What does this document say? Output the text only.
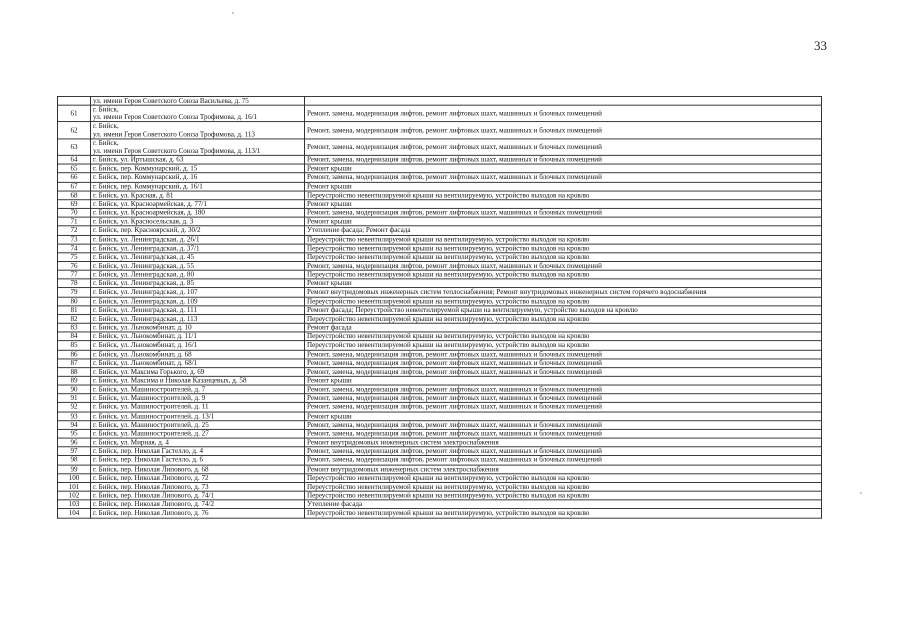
33

	ул. имени Героя Советского Союза Васильева, д. 75	

61	г. Бийск,
ул. имени Героя Советского Союза Трофимова, д. 16/1	Ремонт, замена, модернизация лифтов, ремонт лифтовых шахт, машинных и блочных помещений
62	г. Бийск,
ул. имени Героя Советского Союза Трофимова, д. 113	Ремонт, замена, модернизация лифтов, ремонт лифтовых шахт, машинных и блочных помещений
63	г. Бийск,
ул. имени Героя Советского Союза Трофимова, д. 113/1	Ремонт, замена, модернизация лифтов, ремонт лифтовых шахт, машинных и блочных помещений
64	г. Бийск, ул. Иртышская, д. 63	Ремонт, замена, модернизация лифтов, ремонт лифтовых шахт, машинных и блочных помещений
65	г. Бийск, пер. Коммунарский, д. 15	Ремонт крыши
66	г. Бийск, пер. Коммунарский, д. 16	Ремонт, замена, модернизация лифтов, ремонт лифтовых шахт, машинных и блочных помещений
67	г. Бийск, пер. Коммунарский, д. 16/1	Ремонт крыши
68	г. Бийск, ул. Красная, д. 81	Переустройство невентилируемой крыши на вентилируемую, устройство выходов на кровлю
69	г. Бийск, ул. Красноармейская, д. 77/1	Ремонт крыши
70	г. Бийск, ул. Красноармейская, д. 180	Ремонт, замена, модернизация лифтов, ремонт лифтовых шахт, машинных и блочных помещений
71	г. Бийск, ул. Красносельская, д. 3	Ремонт крыши
72	г. Бийск, пер. Красноярский, д. 30/2	Утепление фасада; Ремонт фасада
73	г. Бийск, ул. Ленинградская, д. 26/1	Переустройство невентилируемой крыши на вентилируемую, устройство выходов на кровлю
74	г. Бийск, ул. Ленинградская, д. 37/1	Переустройство невентилируемой крыши на вентилируемую, устройство выходов на кровлю
75	г. Бийск, ул. Ленинградская, д. 45	Переустройство невентилируемой крыши на вентилируемую, устройство выходов на кровлю
76	г. Бийск, ул. Ленинградская, д. 55	Ремонт, замена, модернизация лифтов, ремонт лифтовых шахт, машинных и блочных помещений
77	г. Бийск, ул. Ленинградская, д. 80	Переустройство невентилируемой крыши на вентилируемую, устройство выходов на кровлю
78	г. Бийск, ул. Ленинградская, д. 85	Ремонт крыши
79	г. Бийск, ул. Ленинградская, д. 107	Ремонт внутридомовых инженерных систем теплоснабжения; Ремонт внутридомовых инженерных систем горячего водоснабжения
80	г. Бийск, ул. Ленинградская, д. 109	Переустройство невентилируемой крыши на вентилируемую, устройство выходов на кровлю
81	г. Бийск, ул. Ленинградская, д. 111	Ремонт фасада; Переустройство невентилируемой крыши на вентилируемую, устройство выходов на кровлю
82	г. Бийск, ул. Ленинградская, д. 113	Переустройство невентилируемой крыши на вентилируемую, устройство выходов на кровлю
83	г. Бийск, ул. Льнокомбинат, д. 10	Ремонт фасада
84	г. Бийск, ул. Льнокомбинат, д. 11/1	Переустройство невентилируемой крыши на вентилируемую, устройство выходов на кровлю
85	г. Бийск, ул. Льнокомбинат, д. 16/1	Переустройство невентилируемой крыши на вентилируемую, устройство выходов на кровлю
86	г. Бийск, ул. Льнокомбинат, д. 68	Ремонт, замена, модернизация лифтов, ремонт лифтовых шахт, машинных и блочных помещений
87	г. Бийск, ул. Льнокомбинат, д. 68/1	Ремонт, замена, модернизация лифтов, ремонт лифтовых шахт, машинных и блочных помещений
88	г. Бийск, ул. Максима Горького, д. 69	Ремонт, замена, модернизация лифтов, ремонт лифтовых шахт, машинных и блочных помещений
89	г. Бийск, ул. Максима и Николая Казанцевых, д. 58	Ремонт крыши
90	г. Бийск, ул. Машиностроителей, д. 7	Ремонт, замена, модернизация лифтов, ремонт лифтовых шахт, машинных и блочных помещений
91	г. Бийск, ул. Машиностроителей, д. 9	Ремонт, замена, модернизация лифтов, ремонт лифтовых шахт, машинных и блочных помещений
92	г. Бийск, ул. Машиностроителей, д. 11	Ремонт, замена, модернизация лифтов, ремонт лифтовых шахт, машинных и блочных помещений
93	г. Бийск, ул. Машиностроителей, д. 13/1	Ремонт крыши
94	г. Бийск, ул. Машиностроителей, д. 25	Ремонт, замена, модернизация лифтов, ремонт лифтовых шахт, машинных и блочных помещений
95	г. Бийск, ул. Машиностроителей, д. 27	Ремонт, замена, модернизация лифтов, ремонт лифтовых шахт, машинных и блочных помещений
96	г. Бийск, ул. Мирная, д. 4	Ремонт внутридомовых инженерных систем электроснабжения
97	г. Бийск, пер. Николая Гастелло, д. 4	Ремонт, замена, модернизация лифтов, ремонт лифтовых шахт, машинных и блочных помещений
98	г. Бийск, пер. Николая Гастелло, д. 6	Ремонт, замена, модернизация лифтов, ремонт лифтовых шахт, машинных и блочных помещений
99	г. Бийск, пер. Николая Липового, д. 68	Ремонт внутридомовых инженерных систем электроснабжения
100	г. Бийск, пер. Николая Липового, д. 72	Переустройство невентилируемой крыши на вентилируемую, устройство выходов на кровлю
101	г. Бийск, пер. Николая Липового, д. 73	Переустройство невентилируемой крыши на вентилируемую, устройство выходов на кровлю
102	г. Бийск, пер. Николая Липового, д. 74/1	Переустройство невентилируемой крыши на вентилируемую, устройство выходов на кровлю
103	г. Бийск, пер. Николая Липового, д. 74/2	Утепление фасада
104	г. Бийск, пер. Николая Липового, д. 76	Переустройство невентилируемой крыши на вентилируемую, устройство выходов на кровлю
